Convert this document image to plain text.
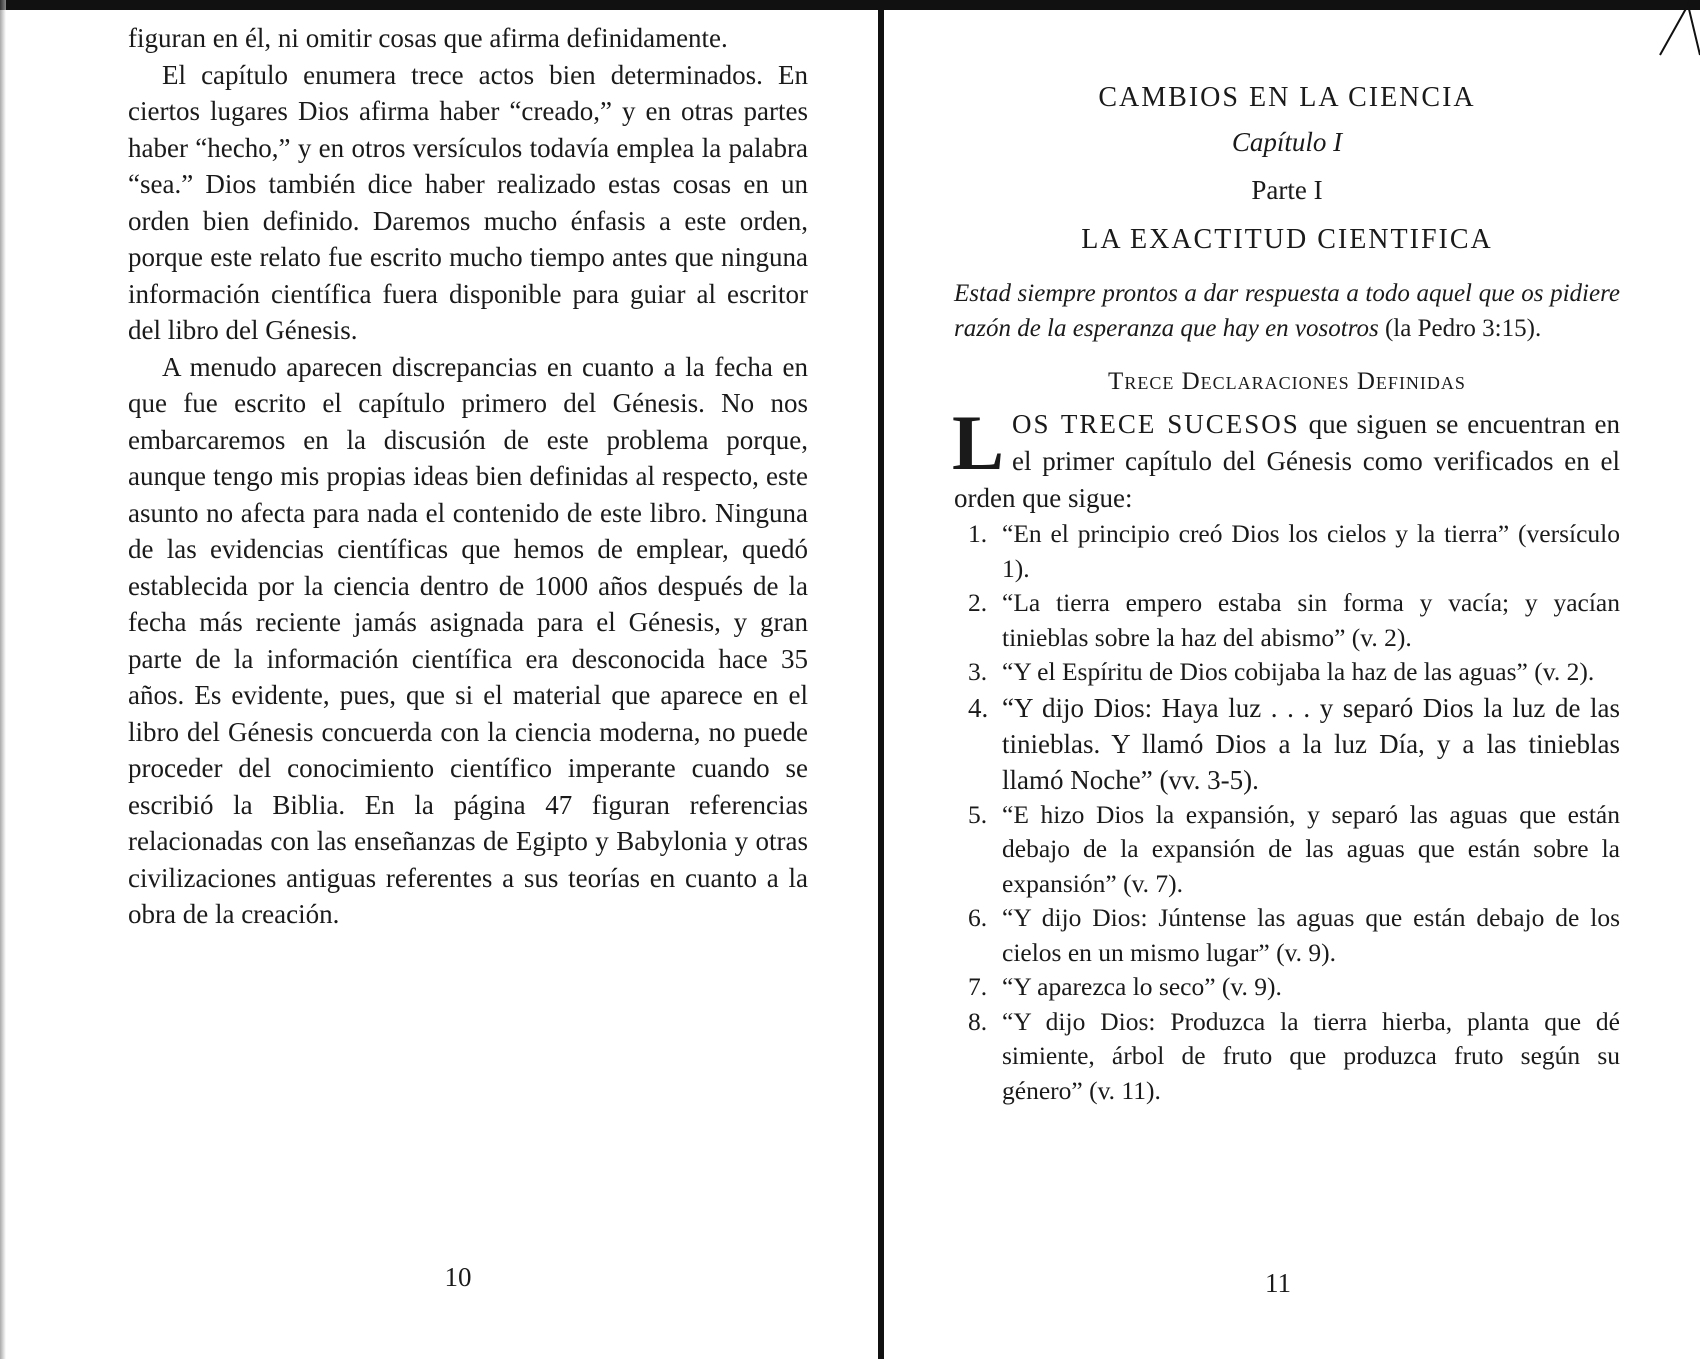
figuran en él, ni omitir cosas que afirma definidamente.

El capítulo enumera trece actos bien determinados. En ciertos lugares Dios afirma haber “creado,” y en otras partes haber “hecho,” y en otros versículos todavía emplea la palabra “sea.” Dios también dice haber realizado estas cosas en un orden bien definido. Daremos mucho énfasis a este orden, porque este relato fue escrito mucho tiempo antes que ninguna información científica fuera disponible para guiar al escritor del libro del Génesis.

A menudo aparecen discrepancias en cuanto a la fecha en que fue escrito el capítulo primero del Génesis. No nos embarcaremos en la discusión de este problema porque, aunque tengo mis propias ideas bien definidas al respecto, este asunto no afecta para nada el contenido de este libro. Ninguna de las evidencias científicas que hemos de emplear, quedó establecida por la ciencia dentro de 1000 años después de la fecha más reciente jamás asignada para el Génesis, y gran parte de la información científica era desconocida hace 35 años. Es evidente, pues, que si el material que aparece en el libro del Génesis concuerda con la ciencia moderna, no puede proceder del conocimiento científico imperante cuando se escribió la Biblia. En la página 47 figuran referencias relacionadas con las enseñanzas de Egipto y Babylonia y otras civilizaciones antiguas referentes a sus teorías en cuanto a la obra de la creación.

10
CAMBIOS EN LA CIENCIA
Capítulo I
Parte I
LA EXACTITUD CIENTIFICA

Estad siempre prontos a dar respuesta a todo aquel que os pidiere razón de la esperanza que hay en vosotros (la Pedro 3:15).

Trece Declaraciones Definidas

LOS TRECE SUCESOS que siguen se encuentran en el primer capítulo del Génesis como verificados en el orden que sigue:

1. “En el principio creó Dios los cielos y la tierra” (versículo 1).
2. “La tierra empero estaba sin forma y vacía; y yacían tinieblas sobre la haz del abismo” (v. 2).
3. “Y el Espíritu de Dios cobijaba la haz de las aguas” (v. 2).
4. “Y dijo Dios: Haya luz . . . y separó Dios la luz de las tinieblas. Y llamó Dios a la luz Día, y a las tinieblas llamó Noche” (vv. 3-5).
5. “E hizo Dios la expansión, y separó las aguas que están debajo de la expansión de las aguas que están sobre la expansión” (v. 7).
6. “Y dijo Dios: Júntense las aguas que están debajo de los cielos en un mismo lugar” (v. 9).
7. “Y aparezca lo seco” (v. 9).
8. “Y dijo Dios: Produzca la tierra hierba, planta que dé simiente, árbol de fruto que produzca fruto según su género” (v. 11).
11
